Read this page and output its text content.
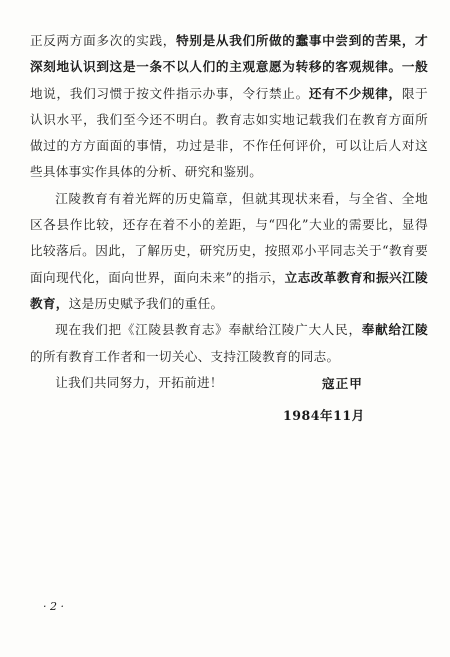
正反两方面多次的实践，特别是从我们所做的蠢事中尝到的苦果，才深刻地认识到这是一条不以人们的主观意愿为转移的客观规律。一般地说，我们习惯于按文件指示办事，令行禁止。还有不少规律，限于认识水平，我们至今还不明白。教育志如实地记载我们在教育方面所做过的方方面面的事情，功过是非，不作任何评价，可以让后人对这些具体事实作具体的分析、研究和鉴别。

江陵教育有着光辉的历史篇章，但就其现状来看，与全省、全地区各县作比较，还存在着不小的差距，与“四化”大业的需要比，显得比较落后。因此，了解历史，研究历史，按照邓小平同志关于“教育要面向现代化，面向世界，面向未来”的指示，立志改革教育和振兴江陵教育，这是历史赋予我们的重任。

现在我们把《江陵县教育志》奉献给江陵广大人民，奉献给江陵的所有教育工作者和一切关心、支持江陵教育的同志。

让我们共同努力，开拓前进！	寇正甲
1984年11月
· 2 ·
